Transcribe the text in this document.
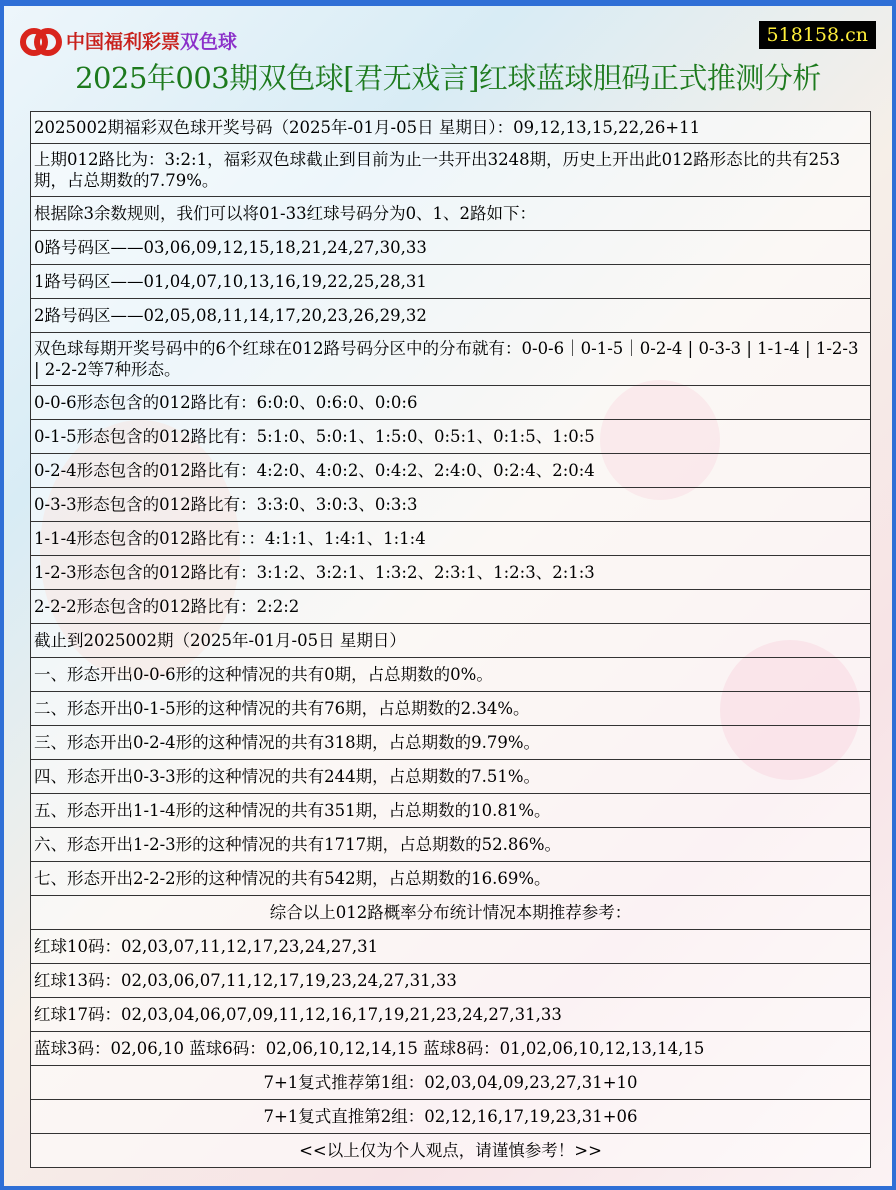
中国福利彩票双色球	518158.cn
2025年003期双色球[君无戏言]红球蓝球胆码正式推测分析
2025002期福彩双色球开奖号码（2025年-01月-05日 星期日）：09,12,13,15,22,26+11
上期012路比为：3:2:1，福彩双色球截止到目前为止一共开出3248期，历史上开出此012路形态比的共有253期，占总期数的7.79%。
根据除3余数规则，我们可以将01-33红球号码分为0、1、2路如下：
0路号码区——03,06,09,12,15,18,21,24,27,30,33
1路号码区——01,04,07,10,13,16,19,22,25,28,31
2路号码区——02,05,08,11,14,17,20,23,26,29,32
双色球每期开奖号码中的6个红球在012路号码分区中的分布就有：0-0-6｜0-1-5｜0-2-4 | 0-3-3 | 1-1-4 | 1-2-3 | 2-2-2等7种形态。
0-0-6形态包含的012路比有：6:0:0、0:6:0、0:0:6
0-1-5形态包含的012路比有：5:1:0、5:0:1、1:5:0、0:5:1、0:1:5、1:0:5
0-2-4形态包含的012路比有：4:2:0、4:0:2、0:4:2、2:4:0、0:2:4、2:0:4
0-3-3形态包含的012路比有：3:3:0、3:0:3、0:3:3
1-1-4形态包含的012路比有：：4:1:1、1:4:1、1:1:4
1-2-3形态包含的012路比有：3:1:2、3:2:1、1:3:2、2:3:1、1:2:3、2:1:3
2-2-2形态包含的012路比有：2:2:2
截止到2025002期（2025年-01月-05日 星期日）
一、形态开出0-0-6形的这种情况的共有0期，占总期数的0%。
二、形态开出0-1-5形的这种情况的共有76期，占总期数的2.34%。
三、形态开出0-2-4形的这种情况的共有318期，占总期数的9.79%。
四、形态开出0-3-3形的这种情况的共有244期，占总期数的7.51%。
五、形态开出1-1-4形的这种情况的共有351期，占总期数的10.81%。
六、形态开出1-2-3形的这种情况的共有1717期，占总期数的52.86%。
七、形态开出2-2-2形的这种情况的共有542期，占总期数的16.69%。
综合以上012路概率分布统计情况本期推荐参考：
红球10码：02,03,07,11,12,17,23,24,27,31
红球13码：02,03,06,07,11,12,17,19,23,24,27,31,33
红球17码：02,03,04,06,07,09,11,12,16,17,19,21,23,24,27,31,33
蓝球3码：02,06,10 蓝球6码：02,06,10,12,14,15 蓝球8码：01,02,06,10,12,13,14,15
7+1复式推荐第1组：02,03,04,09,23,27,31+10
7+1复式直推第2组：02,12,16,17,19,23,31+06
<<以上仅为个人观点，请谨慎参考！>>
